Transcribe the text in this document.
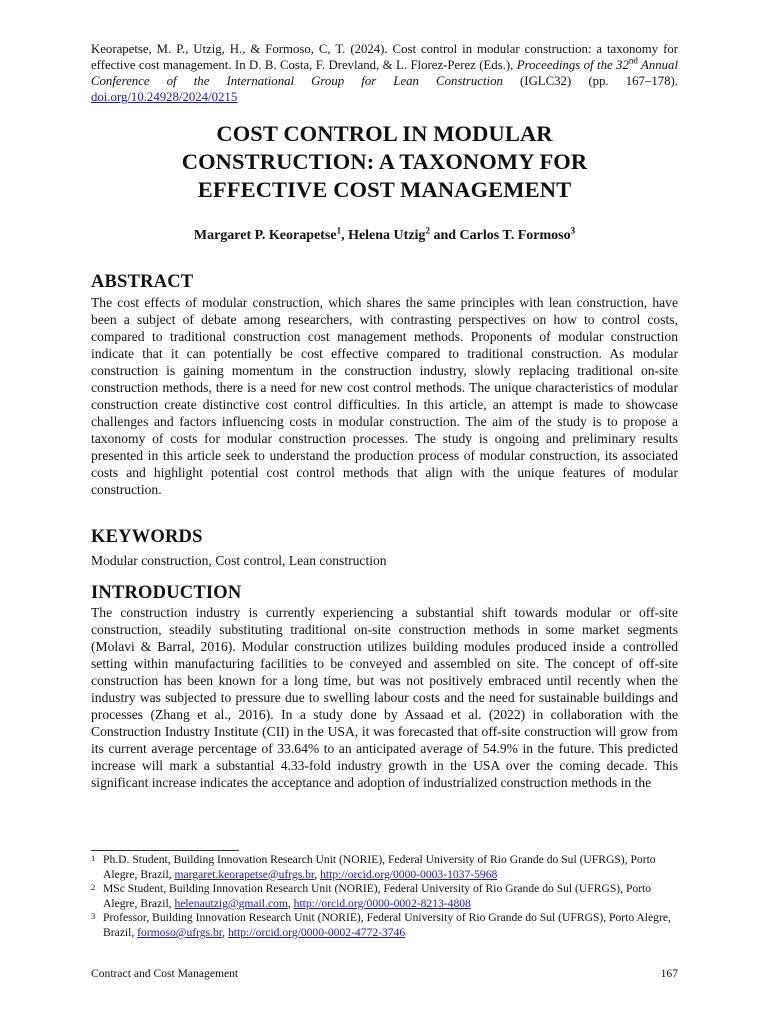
Keorapetse, M. P., Utzig, H., & Formoso, C, T. (2024). Cost control in modular construction: a taxonomy for effective cost management. In D. B. Costa, F. Drevland, & L. Florez-Perez (Eds.), Proceedings of the 32nd Annual Conference of the International Group for Lean Construction (IGLC32) (pp. 167–178). doi.org/10.24928/2024/0215
COST CONTROL IN MODULAR
CONSTRUCTION: A TAXONOMY FOR
EFFECTIVE COST MANAGEMENT
Margaret P. Keorapetse$^1$, Helena Utzig$^2$ and Carlos T. Formoso$^3$
ABSTRACT

The cost effects of modular construction, which shares the same principles with lean construction, have been a subject of debate among researchers, with contrasting perspectives on how to control costs, compared to traditional construction cost management methods. Proponents of modular construction indicate that it can potentially be cost effective compared to traditional construction. As modular construction is gaining momentum in the construction industry, slowly replacing traditional on-site construction methods, there is a need for new cost control methods. The unique characteristics of modular construction create distinctive cost control difficulties. In this article, an attempt is made to showcase challenges and factors influencing costs in modular construction. The aim of the study is to propose a taxonomy of costs for modular construction processes. The study is ongoing and preliminary results presented in this article seek to understand the production process of modular construction, its associated costs and highlight potential cost control methods that align with the unique features of modular construction.

KEYWORDS

Modular construction, Cost control, Lean construction

INTRODUCTION

The construction industry is currently experiencing a substantial shift towards modular or off-site construction, steadily substituting traditional on-site construction methods in some market segments (Molavi & Barral, 2016). Modular construction utilizes building modules produced inside a controlled setting within manufacturing facilities to be conveyed and assembled on site. The concept of off-site construction has been known for a long time, but was not positively embraced until recently when the industry was subjected to pressure due to swelling labour costs and the need for sustainable buildings and processes (Zhang et al., 2016). In a study done by Assaad et al. (2022) in collaboration with the Construction Industry Institute (CII) in the USA, it was forecasted that off-site construction will grow from its current average percentage of 33.64% to an anticipated average of 54.9% in the future. This predicted increase will mark a substantial 4.33-fold industry growth in the USA over the coming decade. This significant increase indicates the acceptance and adoption of industrialized construction methods in the

1 Ph.D. Student, Building Innovation Research Unit (NORIE), Federal University of Rio Grande do Sul (UFRGS), Porto Alegre, Brazil, margaret.keorapetse@ufrgs.br, http://orcid.org/0000-0003-1037-5968
2 MSc Student, Building Innovation Research Unit (NORIE), Federal University of Rio Grande do Sul (UFRGS), Porto Alegre, Brazil, helenautzig@gmail.com, http://orcid.org/0000-0002-8213-4808
3 Professor, Building Innovation Research Unit (NORIE), Federal University of Rio Grande do Sul (UFRGS), Porto Alegre, Brazil, formoso@ufrgs.br, http://orcid.org/0000-0002-4772-3746
Contract and Cost Management	167
